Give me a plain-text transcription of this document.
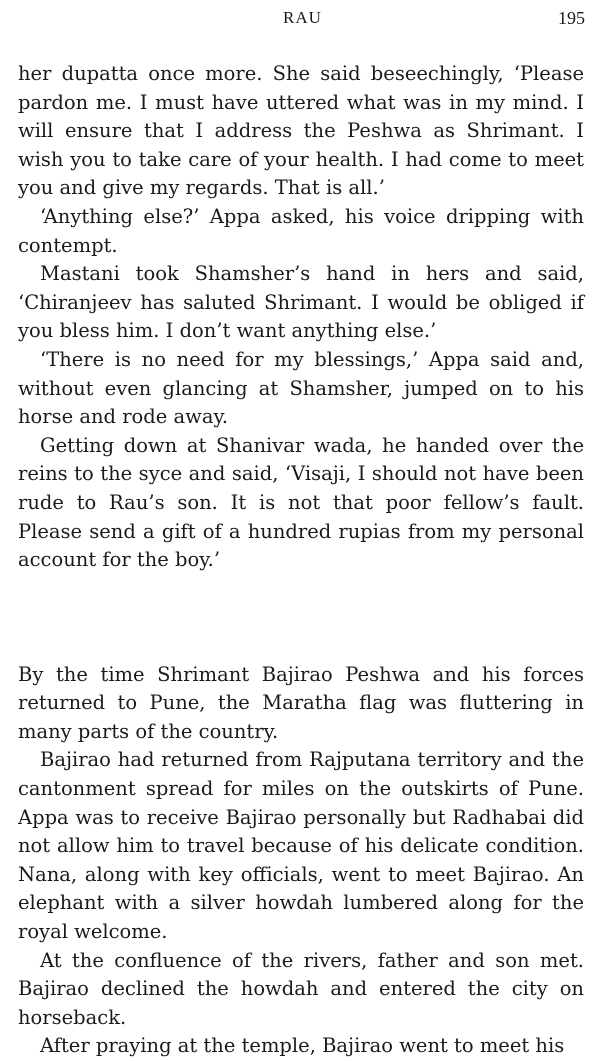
RAU	195

her dupatta once more. She said beseechingly, ‘Please pardon me. I must have uttered what was in my mind. I will ensure that I address the Peshwa as Shrimant. I wish you to take care of your health. I had come to meet you and give my regards. That is all.’

‘Anything else?’ Appa asked, his voice dripping with contempt.

Mastani took Shamsher’s hand in hers and said, ‘Chiranjeev has saluted Shrimant. I would be obliged if you bless him. I don’t want anything else.’

‘There is no need for my blessings,’ Appa said and, without even glancing at Shamsher, jumped on to his horse and rode away.

Getting down at Shanivar wada, he handed over the reins to the syce and said, ‘Visaji, I should not have been rude to Rau’s son. It is not that poor fellow’s fault. Please send a gift of a hundred rupias from my personal account for the boy.’

By the time Shrimant Bajirao Peshwa and his forces returned to Pune, the Maratha flag was fluttering in many parts of the country.

Bajirao had returned from Rajputana territory and the cantonment spread for miles on the outskirts of Pune. Appa was to receive Bajirao personally but Radhabai did not allow him to travel because of his delicate condition. Nana, along with key officials, went to meet Bajirao. An elephant with a silver howdah lumbered along for the royal welcome.

At the confluence of the rivers, father and son met. Bajirao declined the howdah and entered the city on horseback.

After praying at the temple, Bajirao went to meet his
